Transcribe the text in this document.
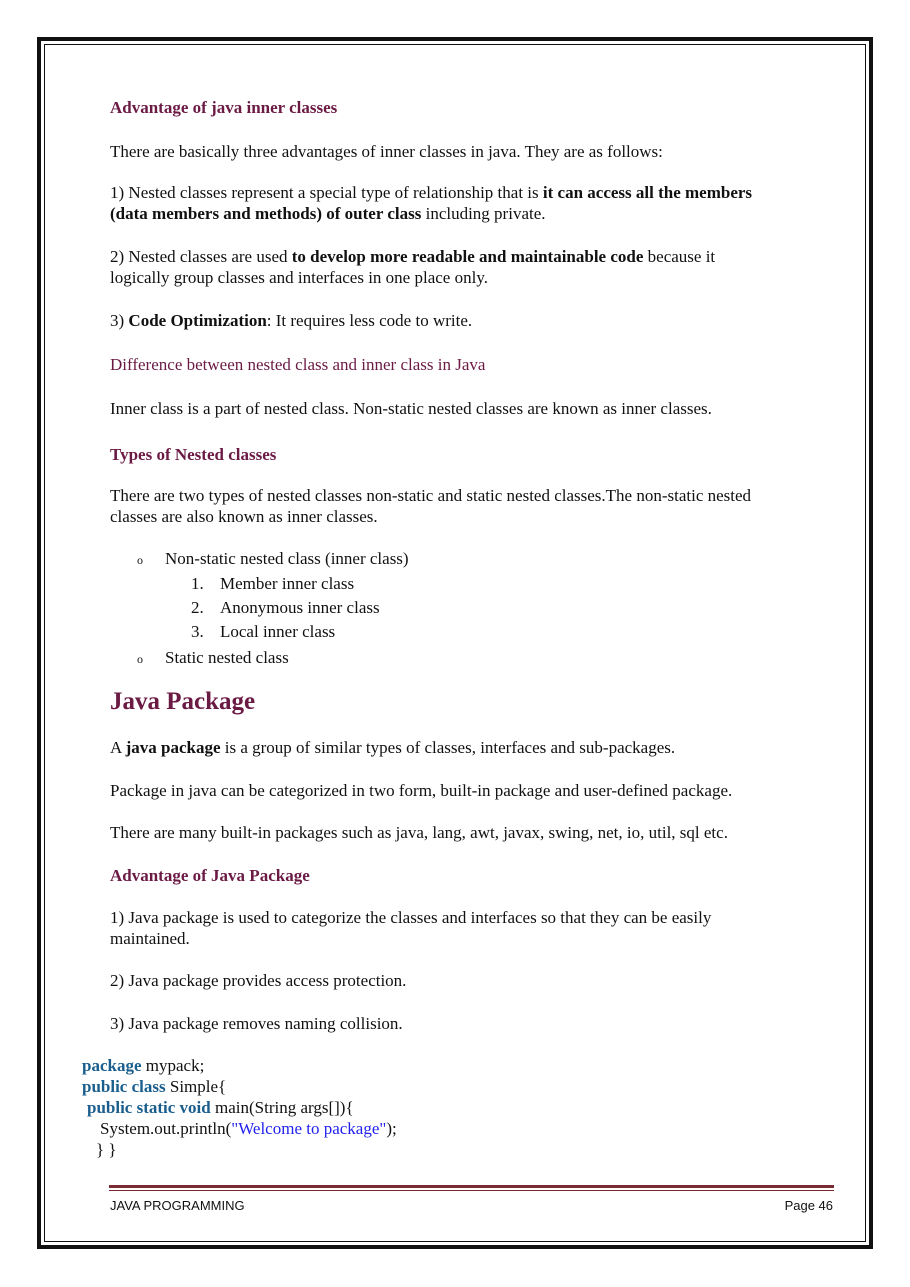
Advantage of java inner classes
There are basically three advantages of inner classes in java. They are as follows:
1) Nested classes represent a special type of relationship that is it can access all the members
(data members and methods) of outer class including private.
2) Nested classes are used to develop more readable and maintainable code because it
logically group classes and interfaces in one place only.
3) Code Optimization: It requires less code to write.
Difference between nested class and inner class in Java
Inner class is a part of nested class. Non-static nested classes are known as inner classes.
Types of Nested classes
There are two types of nested classes non-static and static nested classes.The non-static nested
classes are also known as inner classes.
o Non-static nested class (inner class)
1. Member inner class
2. Anonymous inner class
3. Local inner class
o Static nested class
Java Package
A java package is a group of similar types of classes, interfaces and sub-packages.
Package in java can be categorized in two form, built-in package and user-defined package.
There are many built-in packages such as java, lang, awt, javax, swing, net, io, util, sql etc.
Advantage of Java Package
1) Java package is used to categorize the classes and interfaces so that they can be easily
maintained.
2) Java package provides access protection.
3) Java package removes naming collision.
package mypack;
public class Simple{
public static void main(String args[]){
System.out.println("Welcome to package");
} }
JAVA PROGRAMMING	Page 46
